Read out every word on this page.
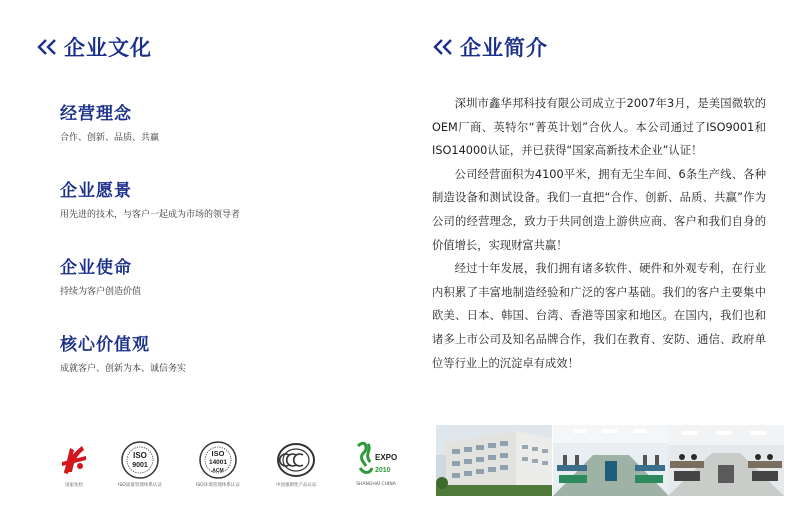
企业文化
经营理念
合作、创新、品质、共赢
企业愿景
用先进的技术，与客户一起成为市场的领导者
企业使命
持续为客户创造价值
核心价值观
成就客户、创新为本、诚信务实
国家免检
ISO
9001
ISO质量管理体系认证
ISO
14001
ACM
ISO环境管理体系认证	中国强制性产品认证
EXPO
2010
SHANGHAI CHINA
企业简介

深圳市鑫华邦科技有限公司成立于2007年3月，是美国微软的OEM厂商、英特尔“菁英计划”合伙人。本公司通过了ISO9001和ISO14000认证，并已获得“国家高新技术企业”认证！

公司经营面积为4100平米，拥有无尘车间、6条生产线、各种制造设备和测试设备。我们一直把“合作、创新、品质、共赢”作为公司的经营理念，致力于共同创造上游供应商、客户和我们自身的价值增长，实现财富共赢！

经过十年发展，我们拥有诸多软件、硬件和外观专利，在行业内积累了丰富地制造经验和广泛的客户基础。我们的客户主要集中欧美、日本、韩国、台湾、香港等国家和地区。在国内，我们也和诸多上市公司及知名品牌合作，我们在教育、安防、通信、政府单位等行业上的沉淀卓有成效！
